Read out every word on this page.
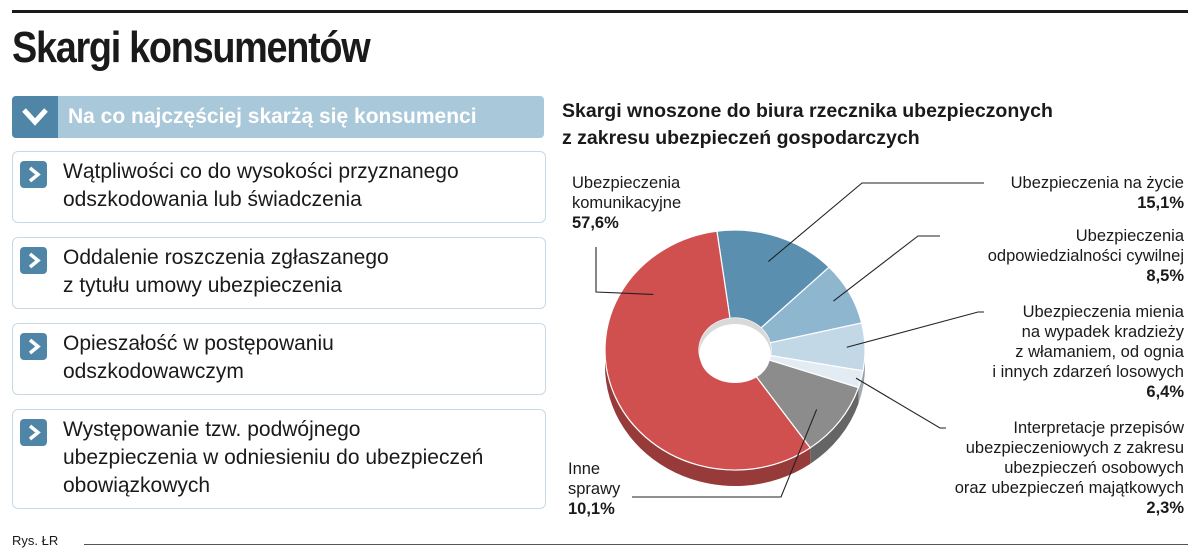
Skargi konsumentów
Na co najczęściej skarżą się konsumenci
Wątpliwości co do wysokości przyznanego
odszkodowania lub świadczenia
Oddalenie roszczenia zgłaszanego
z tytułu umowy ubezpieczenia
Opieszałość w postępowaniu
odszkodowawczym
Występowanie tzw. podwójnego
ubezpieczenia w odniesieniu do ubezpieczeń
obowiązkowych
Skargi wnoszone do biura rzecznika ubezpieczonych
z zakresu ubezpieczeń gospodarczych
Ubezpieczenia
komunikacyjne
57,6%
Ubezpieczenia na życie
15,1%
Ubezpieczenia
odpowiedzialności cywilnej
8,5%
Ubezpieczenia mienia
na wypadek kradzieży
z włamaniem, od ognia
i innych zdarzeń losowych
6,4%
Interpretacje przepisów
ubezpieczeniowych z zakresu
ubezpieczeń osobowych
oraz ubezpieczeń majątkowych
2,3%
Inne
sprawy
10,1%
Rys. ŁR
